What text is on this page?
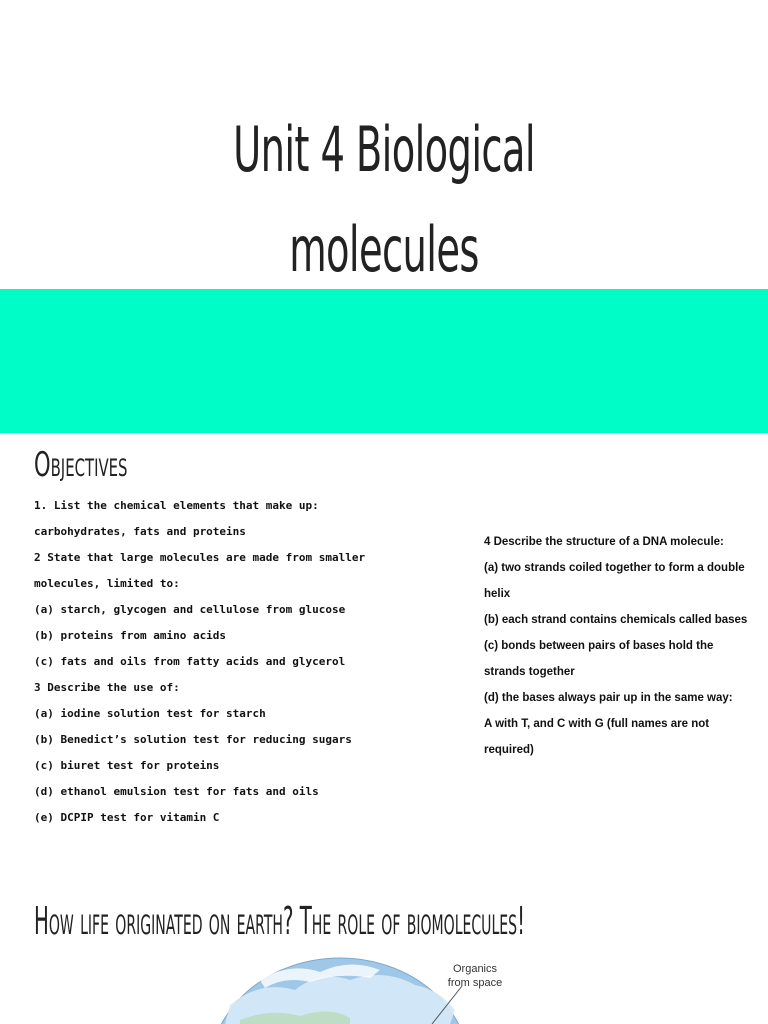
Unit 4 Biological molecules
Objectives
1. List the chemical elements that make up:
carbohydrates, fats and proteins
2 State that large molecules are made from smaller
molecules, limited to:
(a) starch, glycogen and cellulose from glucose
(b) proteins from amino acids
(c) fats and oils from fatty acids and glycerol
3 Describe the use of:
(a) iodine solution test for starch
(b) Benedict’s solution test for reducing sugars
(c) biuret test for proteins
(d) ethanol emulsion test for fats and oils
(e) DCPIP test for vitamin C
4 Describe the structure of a DNA molecule:
(a) two strands coiled together to form a double
helix
(b) each strand contains chemicals called bases
(c) bonds between pairs of bases hold the
strands together
(d) the bases always pair up in the same way:
A with T, and C with G (full names are not
required)
How life originated on earth? The role of biomolecules!
Organics
from space
